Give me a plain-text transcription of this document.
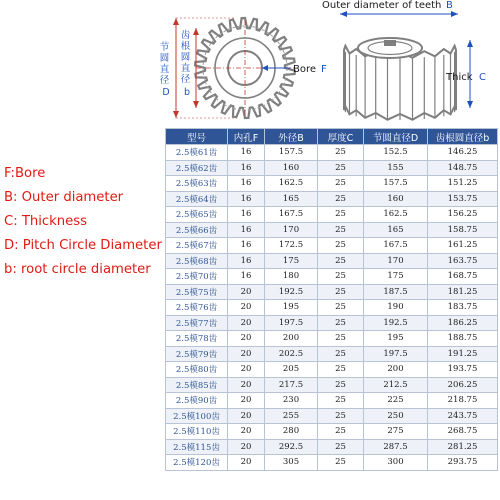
节 圆 直 径 D
齿 根 圆 直 径 b
Bore F
Outer diameter of teeth B
Thick C
F:Bore
B: Outer diameter
C: Thickness
D: Pitch Circle Diameter
b: root circle diameter
型号	内孔F	外径B	厚度C	节圆直径D	齿根圆直径b
2.5模61齿	16	157.5	25	152.5	146.25
2.5模62齿	16	160	25	155	148.75
2.5模63齿	16	162.5	25	157.5	151.25
2.5模64齿	16	165	25	160	153.75
2.5模65齿	16	167.5	25	162.5	156.25
2.5模66齿	16	170	25	165	158.75
2.5模67齿	16	172.5	25	167.5	161.25
2.5模68齿	16	175	25	170	163.75
2.5模70齿	16	180	25	175	168.75
2.5模75齿	20	192.5	25	187.5	181.25
2.5模76齿	20	195	25	190	183.75
2.5模77齿	20	197.5	25	192.5	186.25
2.5模78齿	20	200	25	195	188.75
2.5模79齿	20	202.5	25	197.5	191.25
2.5模80齿	20	205	25	200	193.75
2.5模85齿	20	217.5	25	212.5	206.25
2.5模90齿	20	230	25	225	218.75
2.5模100齿	20	255	25	250	243.75
2.5模110齿	20	280	25	275	268.75
2.5模115齿	20	292.5	25	287.5	281.25
2.5模120齿	20	305	25	300	293.75
